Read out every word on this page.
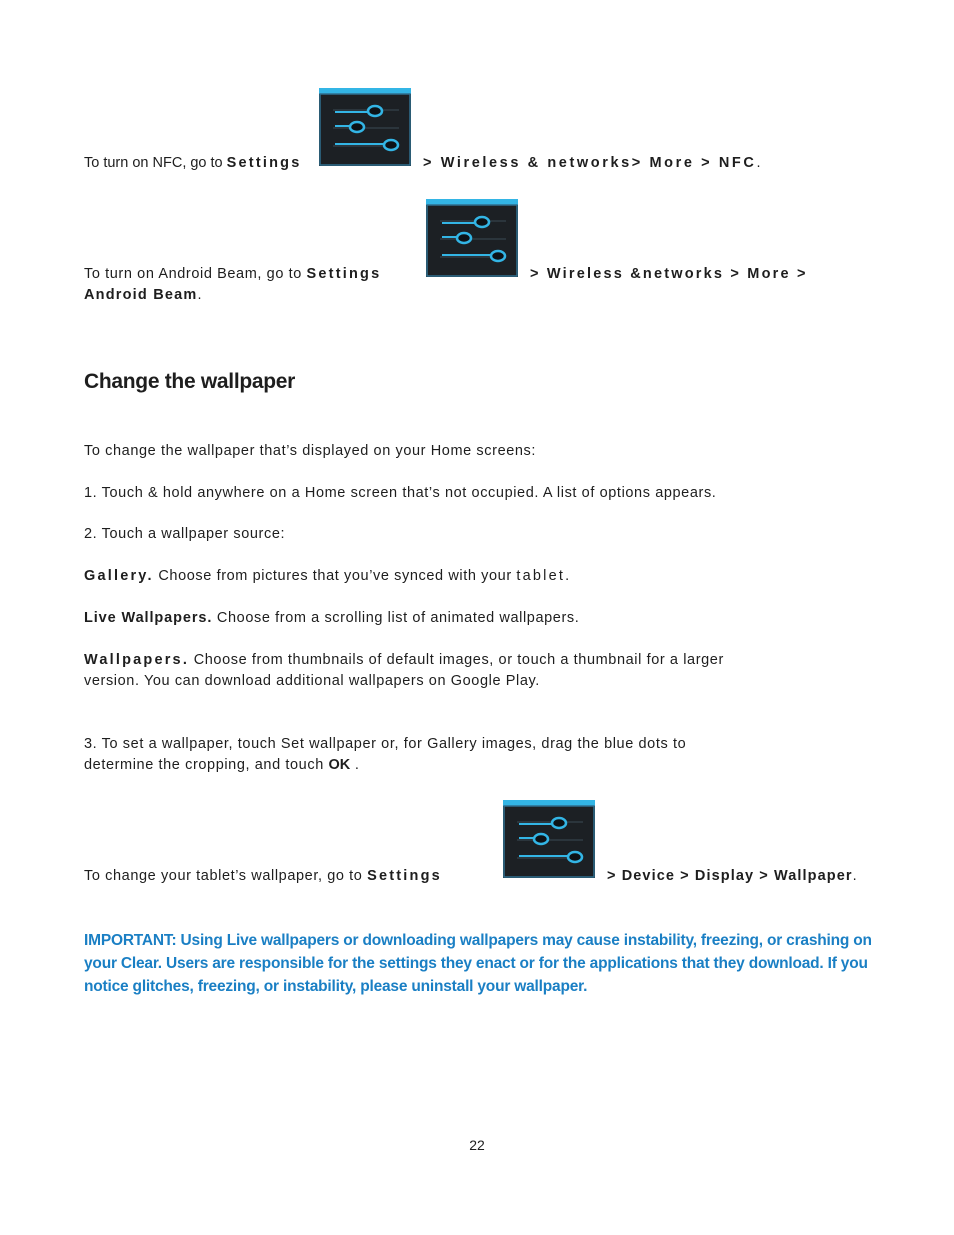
To turn on NFC, go to Settings	> Wireless & networks> More > NFC.
To turn on Android Beam, go to Settings	> Wireless &networks > More >
Android Beam.
Change the wallpaper
To change the wallpaper that’s displayed on your Home screens:
1. Touch & hold anywhere on a Home screen that’s not occupied. A list of options appears.
2. Touch a wallpaper source:
Gallery. Choose from pictures that you’ve synced with your tablet.
Live Wallpapers. Choose from a scrolling list of animated wallpapers.
Wallpapers. Choose from thumbnails of default images, or touch a thumbnail for a larger
version. You can download additional wallpapers on Google Play.
3. To set a wallpaper, touch Set wallpaper or, for Gallery images, drag the blue dots to
determine the cropping, and touch OK .
To change your tablet’s wallpaper, go to Settings	> Device > Display > Wallpaper.
IMPORTANT: Using Live wallpapers or downloading wallpapers may cause instability, freezing, or crashing on your Clear. Users are responsible for the settings they enact or for the applications that they download. If you notice glitches, freezing, or instability, please uninstall your wallpaper.
22
